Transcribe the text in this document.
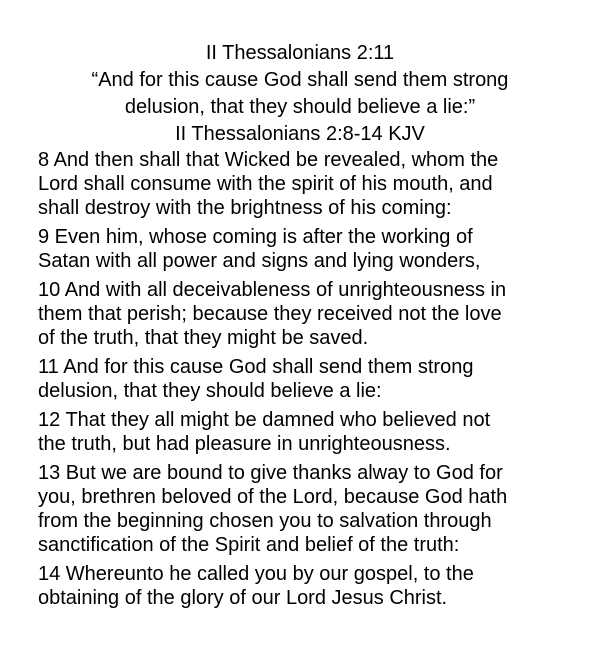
II Thessalonians 2:11
“And for this cause God shall send them strong
delusion, that they should believe a lie:”
II Thessalonians 2:8-14 KJV

8 And then shall that Wicked be revealed, whom the
Lord shall consume with the spirit of his mouth, and
shall destroy with the brightness of his coming:

9 Even him, whose coming is after the working of
Satan with all power and signs and lying wonders,

10 And with all deceivableness of unrighteousness in
them that perish; because they received not the love
of the truth, that they might be saved.

11 And for this cause God shall send them strong
delusion, that they should believe a lie:

12 That they all might be damned who believed not
the truth, but had pleasure in unrighteousness.

13 But we are bound to give thanks alway to God for
you, brethren beloved of the Lord, because God hath
from the beginning chosen you to salvation through
sanctification of the Spirit and belief of the truth:

14 Whereunto he called you by our gospel, to the
obtaining of the glory of our Lord Jesus Christ.
